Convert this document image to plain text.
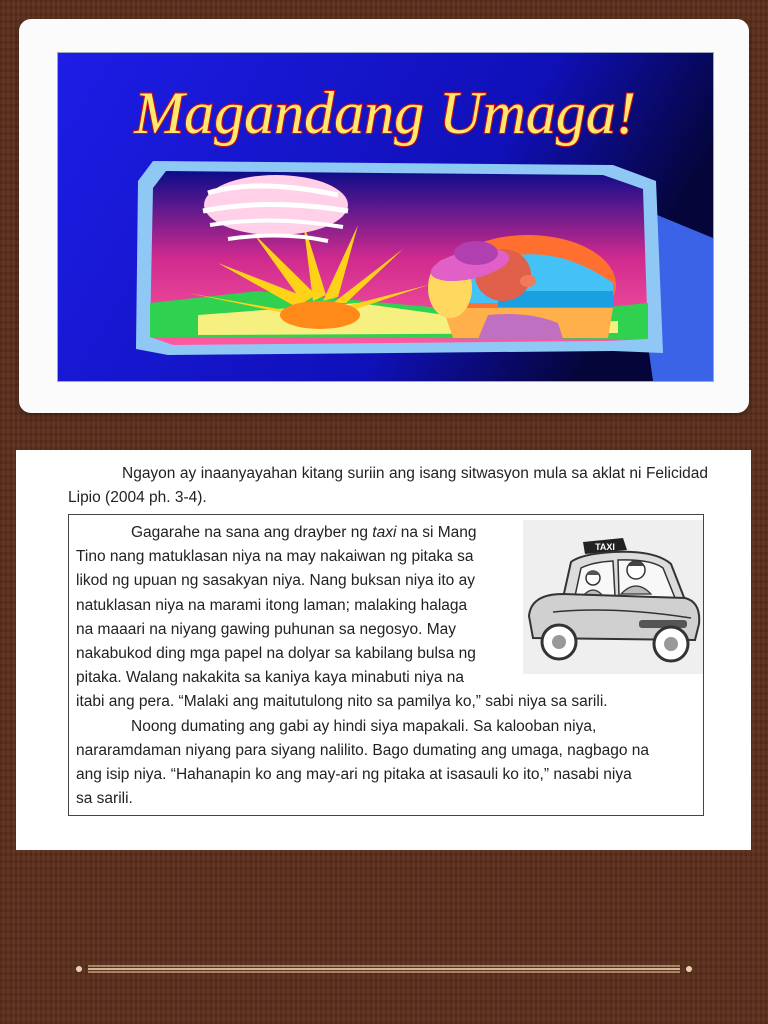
Magandang Umaga!

Ngayon ay inaanyayahan kitang suriin ang isang sitwasyon mula sa aklat ni Felicidad Lipio (2004 ph. 3-4).

TAXI

Gagarahe na sana ang drayber ng taxi na si Mang
Tino nang matuklasan niya na may nakaiwan ng pitaka sa
likod ng upuan ng sasakyan niya. Nang buksan niya ito ay
natuklasan niya na marami itong laman; malaking halaga
na maaari na niyang gawing puhunan sa negosyo. May
nakabukod ding mga papel na dolyar sa kabilang bulsa ng
pitaka. Walang nakakita sa kaniya kaya minabuti niya na

itabi ang pera. “Malaki ang maitutulong nito sa pamilya ko,” sabi niya sa sarili.

Noong dumating ang gabi ay hindi siya mapakali. Sa kalooban niya,
nararamdaman niyang para siyang nalilito. Bago dumating ang umaga, nagbago na
ang isip niya. “Hahanapin ko ang may-ari ng pitaka at isasauli ko ito,” nasabi niya
sa sarili.
